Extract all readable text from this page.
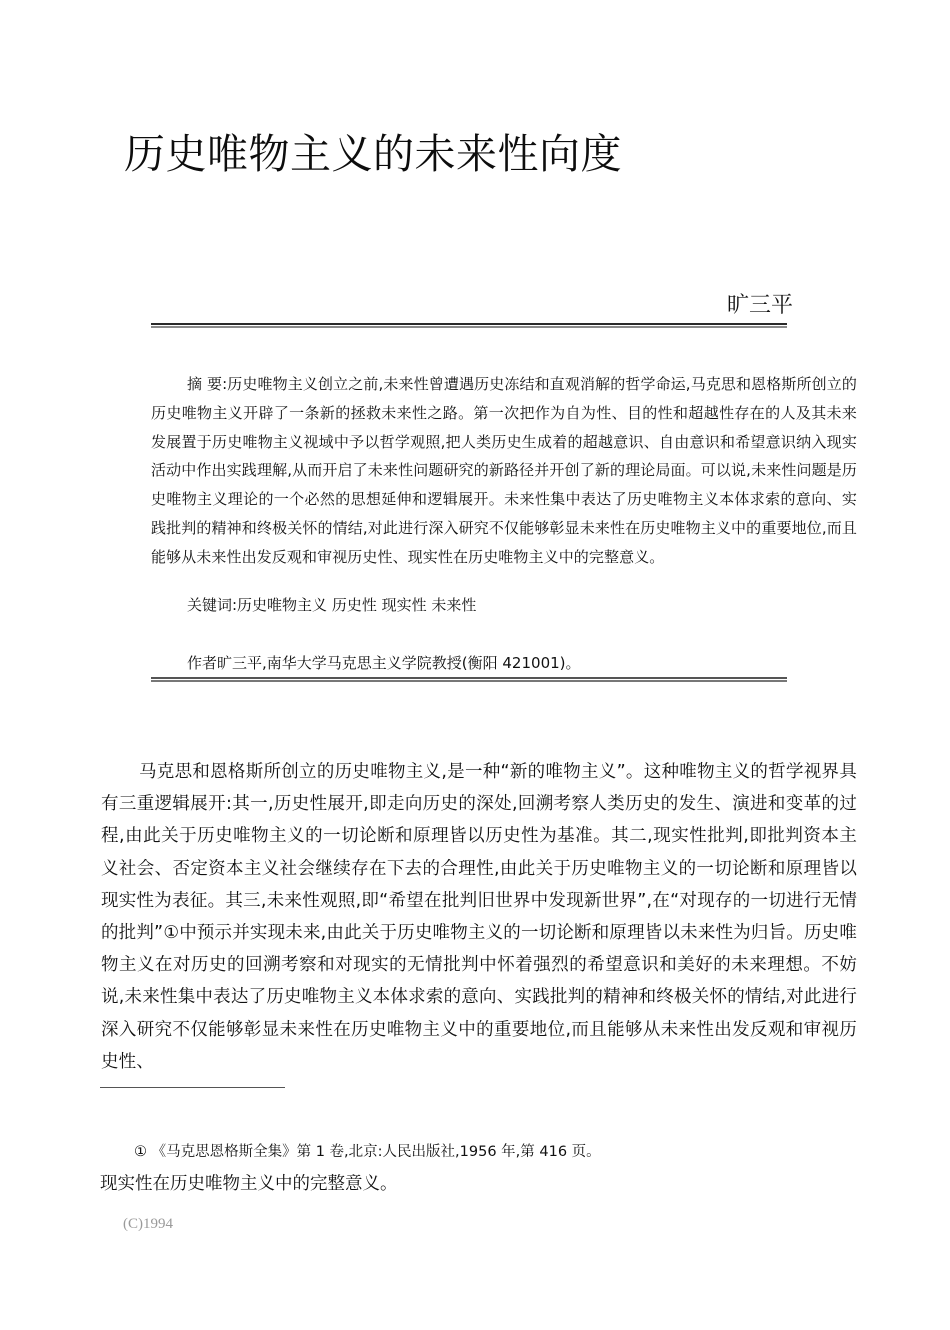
历史唯物主义的未来性向度
旷三平

摘 要:历史唯物主义创立之前,未来性曾遭遇历史冻结和直观消解的哲学命运,马克思和恩格斯所创立的历史唯物主义开辟了一条新的拯救未来性之路。第一次把作为自为性、目的性和超越性存在的人及其未来发展置于历史唯物主义视域中予以哲学观照,把人类历史生成着的超越意识、自由意识和希望意识纳入现实活动中作出实践理解,从而开启了未来性问题研究的新路径并开创了新的理论局面。可以说,未来性问题是历史唯物主义理论的一个必然的思想延伸和逻辑展开。未来性集中表达了历史唯物主义本体求索的意向、实践批判的精神和终极关怀的情结,对此进行深入研究不仅能够彰显未来性在历史唯物主义中的重要地位,而且能够从未来性出发反观和审视历史性、现实性在历史唯物主义中的完整意义。

关键词:历史唯物主义 历史性 现实性 未来性
作者旷三平,南华大学马克思主义学院教授(衡阳 421001)。

马克思和恩格斯所创立的历史唯物主义,是一种“新的唯物主义”。这种唯物主义的哲学视界具有三重逻辑展开:其一,历史性展开,即走向历史的深处,回溯考察人类历史的发生、演进和变革的过程,由此关于历史唯物主义的一切论断和原理皆以历史性为基准。其二,现实性批判,即批判资本主义社会、否定资本主义社会继续存在下去的合理性,由此关于历史唯物主义的一切论断和原理皆以现实性为表征。其三,未来性观照,即“希望在批判旧世界中发现新世界”,在“对现存的一切进行无情的批判”①中预示并实现未来,由此关于历史唯物主义的一切论断和原理皆以未来性为归旨。历史唯物主义在对历史的回溯考察和对现实的无情批判中怀着强烈的希望意识和美好的未来理想。不妨说,未来性集中表达了历史唯物主义本体求索的意向、实践批判的精神和终极关怀的情结,对此进行深入研究不仅能够彰显未来性在历史唯物主义中的重要地位,而且能够从未来性出发反观和审视历史性、

① 《马克思恩格斯全集》第 1 卷,北京:人民出版社,1956 年,第 416 页。
现实性在历史唯物主义中的完整意义。
(C)1994
